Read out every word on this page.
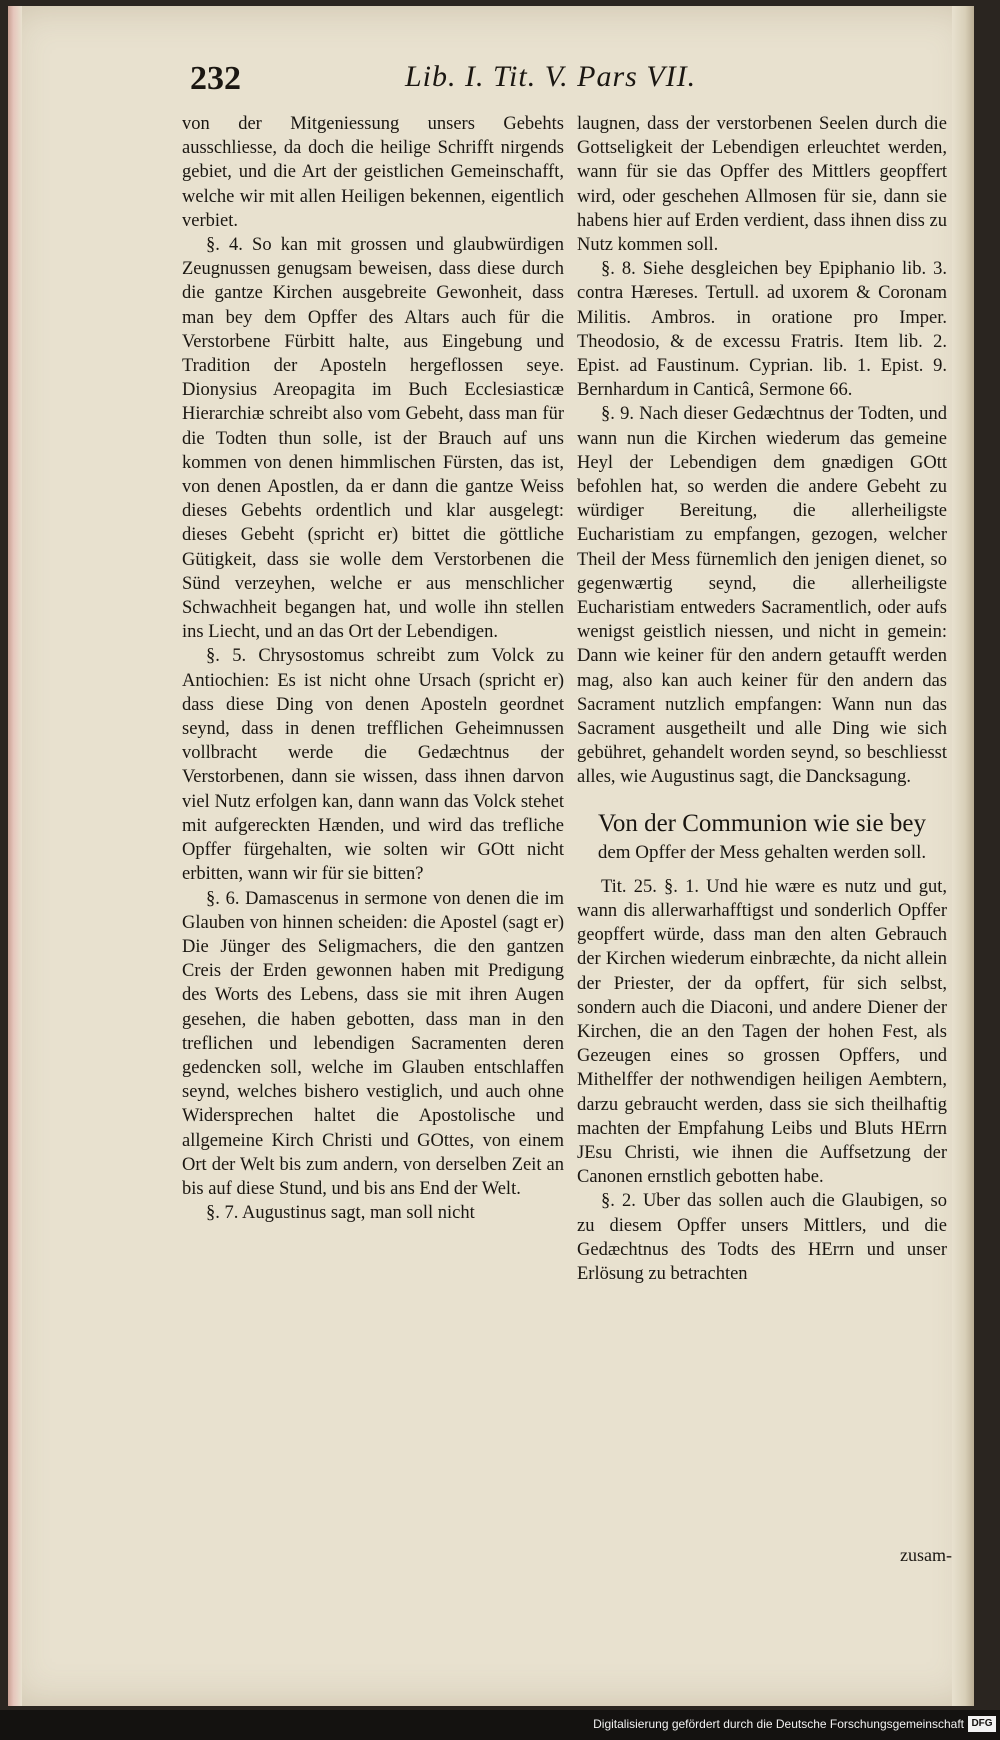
232	Lib. I. Tit. V. Pars VII.

von der Mitgeniessung unsers Gebehts ausschliesse, da doch die heilige Schrifft nirgends gebiet, und die Art der geistlichen Gemeinschafft, welche wir mit allen Heiligen bekennen, eigentlich verbiet.

§. 4. So kan mit grossen und glaubwürdigen Zeugnussen genugsam beweisen, dass diese durch die gantze Kirchen ausgebreite Gewonheit, dass man bey dem Opffer des Altars auch für die Verstorbene Fürbitt halte, aus Eingebung und Tradition der Aposteln hergeflossen seye. Dionysius Areopagita im Buch Ecclesiasticæ Hierarchiæ schreibt also vom Gebeht, dass man für die Todten thun solle, ist der Brauch auf uns kommen von denen himmlischen Fürsten, das ist, von denen Apostlen, da er dann die gantze Weiss dieses Gebehts ordentlich und klar ausgelegt: dieses Gebeht (spricht er) bittet die göttliche Gütigkeit, dass sie wolle dem Verstorbenen die Sünd verzeyhen, welche er aus menschlicher Schwachheit begangen hat, und wolle ihn stellen ins Liecht, und an das Ort der Lebendigen.

§. 5. Chrysostomus schreibt zum Volck zu Antiochien: Es ist nicht ohne Ursach (spricht er) dass diese Ding von denen Aposteln geordnet seynd, dass in denen trefflichen Geheimnussen vollbracht werde die Gedæchtnus der Verstorbenen, dann sie wissen, dass ihnen darvon viel Nutz erfolgen kan, dann wann das Volck stehet mit aufgereckten Hænden, und wird das trefliche Opffer fürgehalten, wie solten wir GOtt nicht erbitten, wann wir für sie bitten?

§. 6. Damascenus in sermone von denen die im Glauben von hinnen scheiden: die Apostel (sagt er) Die Jünger des Seligmachers, die den gantzen Creis der Erden gewonnen haben mit Predigung des Worts des Lebens, dass sie mit ihren Augen gesehen, die haben gebotten, dass man in den treflichen und lebendigen Sacramenten deren gedencken soll, welche im Glauben entschlaffen seynd, welches bishero vestiglich, und auch ohne Widersprechen haltet die Apostolische und allgemeine Kirch Christi und GOttes, von einem Ort der Welt bis zum andern, von derselben Zeit an bis auf diese Stund, und bis ans End der Welt.

§. 7. Augustinus sagt, man soll nicht

laugnen, dass der verstorbenen Seelen durch die Gottseligkeit der Lebendigen erleuchtet werden, wann für sie das Opffer des Mittlers geopffert wird, oder geschehen Allmosen für sie, dann sie habens hier auf Erden verdient, dass ihnen diss zu Nutz kommen soll.

§. 8. Siehe desgleichen bey Epiphanio lib. 3. contra Hæreses. Tertull. ad uxorem & Coronam Militis. Ambros. in oratione pro Imper. Theodosio, & de excessu Fratris. Item lib. 2. Epist. ad Faustinum. Cyprian. lib. 1. Epist. 9. Bernhardum in Canticâ, Sermone 66.

§. 9. Nach dieser Gedæchtnus der Todten, und wann nun die Kirchen wiederum das gemeine Heyl der Lebendigen dem gnædigen GOtt befohlen hat, so werden die andere Gebeht zu würdiger Bereitung, die allerheiligste Eucharistiam zu empfangen, gezogen, welcher Theil der Mess fürnemlich den jenigen dienet, so gegenwærtig seynd, die allerheiligste Eucharistiam entweders Sacramentlich, oder aufs wenigst geistlich niessen, und nicht in gemein: Dann wie keiner für den andern getaufft werden mag, also kan auch keiner für den andern das Sacrament nutzlich empfangen: Wann nun das Sacrament ausgetheilt und alle Ding wie sich gebühret, gehandelt worden seynd, so beschliesst alles, wie Augustinus sagt, die Dancksagung.

Von der Communion wie sie bey
dem Opffer der Mess gehalten werden soll.

Tit. 25. §. 1. Und hie wære es nutz und gut, wann dis allerwarhafftigst und sonderlich Opffer geopffert würde, dass man den alten Gebrauch der Kirchen wiederum einbræchte, da nicht allein der Priester, der da opffert, für sich selbst, sondern auch die Diaconi, und andere Diener der Kirchen, die an den Tagen der hohen Fest, als Gezeugen eines so grossen Opffers, und Mithelffer der nothwendigen heiligen Aembtern, darzu gebraucht werden, dass sie sich theilhaftig machten der Empfahung Leibs und Bluts HErrn JEsu Christi, wie ihnen die Auffsetzung der Canonen ernstlich gebotten habe.

§. 2. Uber das sollen auch die Glaubigen, so zu diesem Opffer unsers Mittlers, und die Gedæchtnus des Todts des HErrn und unser Erlösung zu betrachten

zusam-
Digitalisierung gefördert durch die Deutsche Forschungsgemeinschaft DFG
